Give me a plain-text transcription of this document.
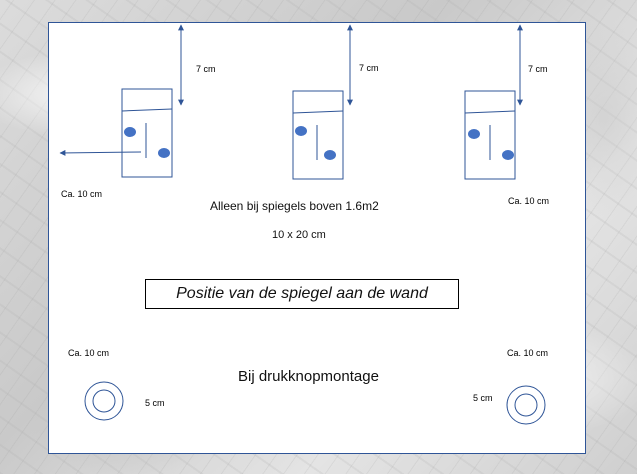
7 cm	7 cm	7 cm
Ca. 10 cm
Ca. 10 cm
Alleen bij spiegels boven 1.6m2
10 x 20 cm
Positie van de spiegel aan de wand
Ca. 10 cm	Ca. 10 cm
Bij drukknopmontage
5 cm	5 cm
